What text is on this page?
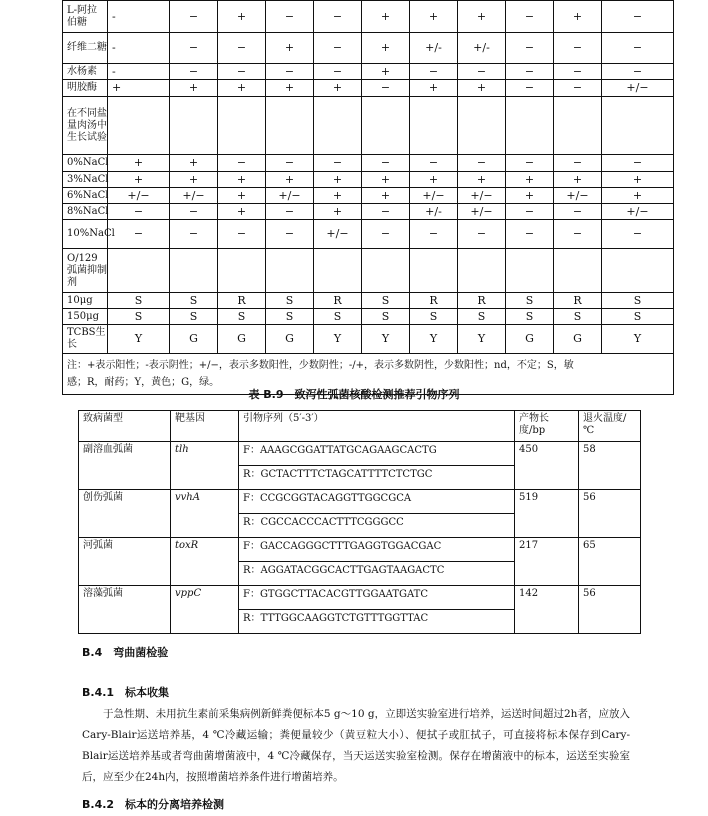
L-阿拉伯糖	-	−	+	−	−	+	+	+	−	+	−
纤维二糖	-	−	−	+	−	+	+/-	+/-	−	−	−
水杨素	-	−	−	−	−	+	−	−	−	−	−
明胶酶	+	+	+	+	+	−	+	+	−	−	+/−
在不同盐量肉汤中生长试验											
0%NaCl	+	+	−	−	−	−	−	−	−	−	−
3%NaCl	+	+	+	+	+	+	+	+	+	+	+
6%NaCl	+/−	+/−	+	+/−	+	+	+/−	+/−	+	+/−	+
8%NaCl	−	−	+	−	+	−	+/-	+/−	−	−	+/−
10%NaCl	−	−	−	−	+/−	−	−	−	−	−	−
O/129弧菌抑制剂											
10μg	S	S	R	S	R	S	R	R	S	R	S
150μg	S	S	S	S	S	S	S	S	S	S	S
TCBS生长	Y	G	G	G	Y	Y	Y	Y	G	G	Y

注：+表示阳性；-表示阴性；+/−，表示多数阳性，少数阴性；-/+，表示多数阴性，少数阳性；nd，不定；S，敏
感；R，耐药；Y，黄色；G，绿。											
表 B.9　致泻性弧菌核酸检测推荐引物序列
致病菌型	靶基因	引物序列（5′-3′）	产物长度/bp	退火温度/℃
副溶血弧菌	tlh	F：AAAGCGGATTATGCAGAAGCACTG	450	58
		R：GCTACTTTCTAGCATTTTCTCTGC		
创伤弧菌	vvhA	F：CCGCGGTACAGGTTGGCGCA	519	56
		R：CGCCACCCACTTTCGGGCC		
河弧菌	toxR	F：GACCAGGGCTTTGAGGTGGACGAC	217	65
		R：AGGATACGGCACTTGAGTAAGACTC		
溶藻弧菌	vppC	F：GTGGCTTACACGTTGGAATGATC	142	56
		R：TTTGGCAAGGTCTGTTTGGTTAC		
B.4　弯曲菌检验
B.4.1　标本收集
于急性期、未用抗生素前采集病例新鲜粪便标本5 g～10 g，立即送实验室进行培养，运送时间超过2h者，应放入Cary-Blair运送培养基，4 ℃冷藏运输；粪便量较少（黄豆粒大小）、便拭子或肛拭子，可直接将标本保存到Cary-Blair运送培养基或者弯曲菌增菌液中，4 ℃冷藏保存，当天运送实验室检测。保存在增菌液中的标本，运送至实验室后，应至少在24h内，按照增菌培养条件进行增菌培养。
B.4.2　标本的分离培养检测
